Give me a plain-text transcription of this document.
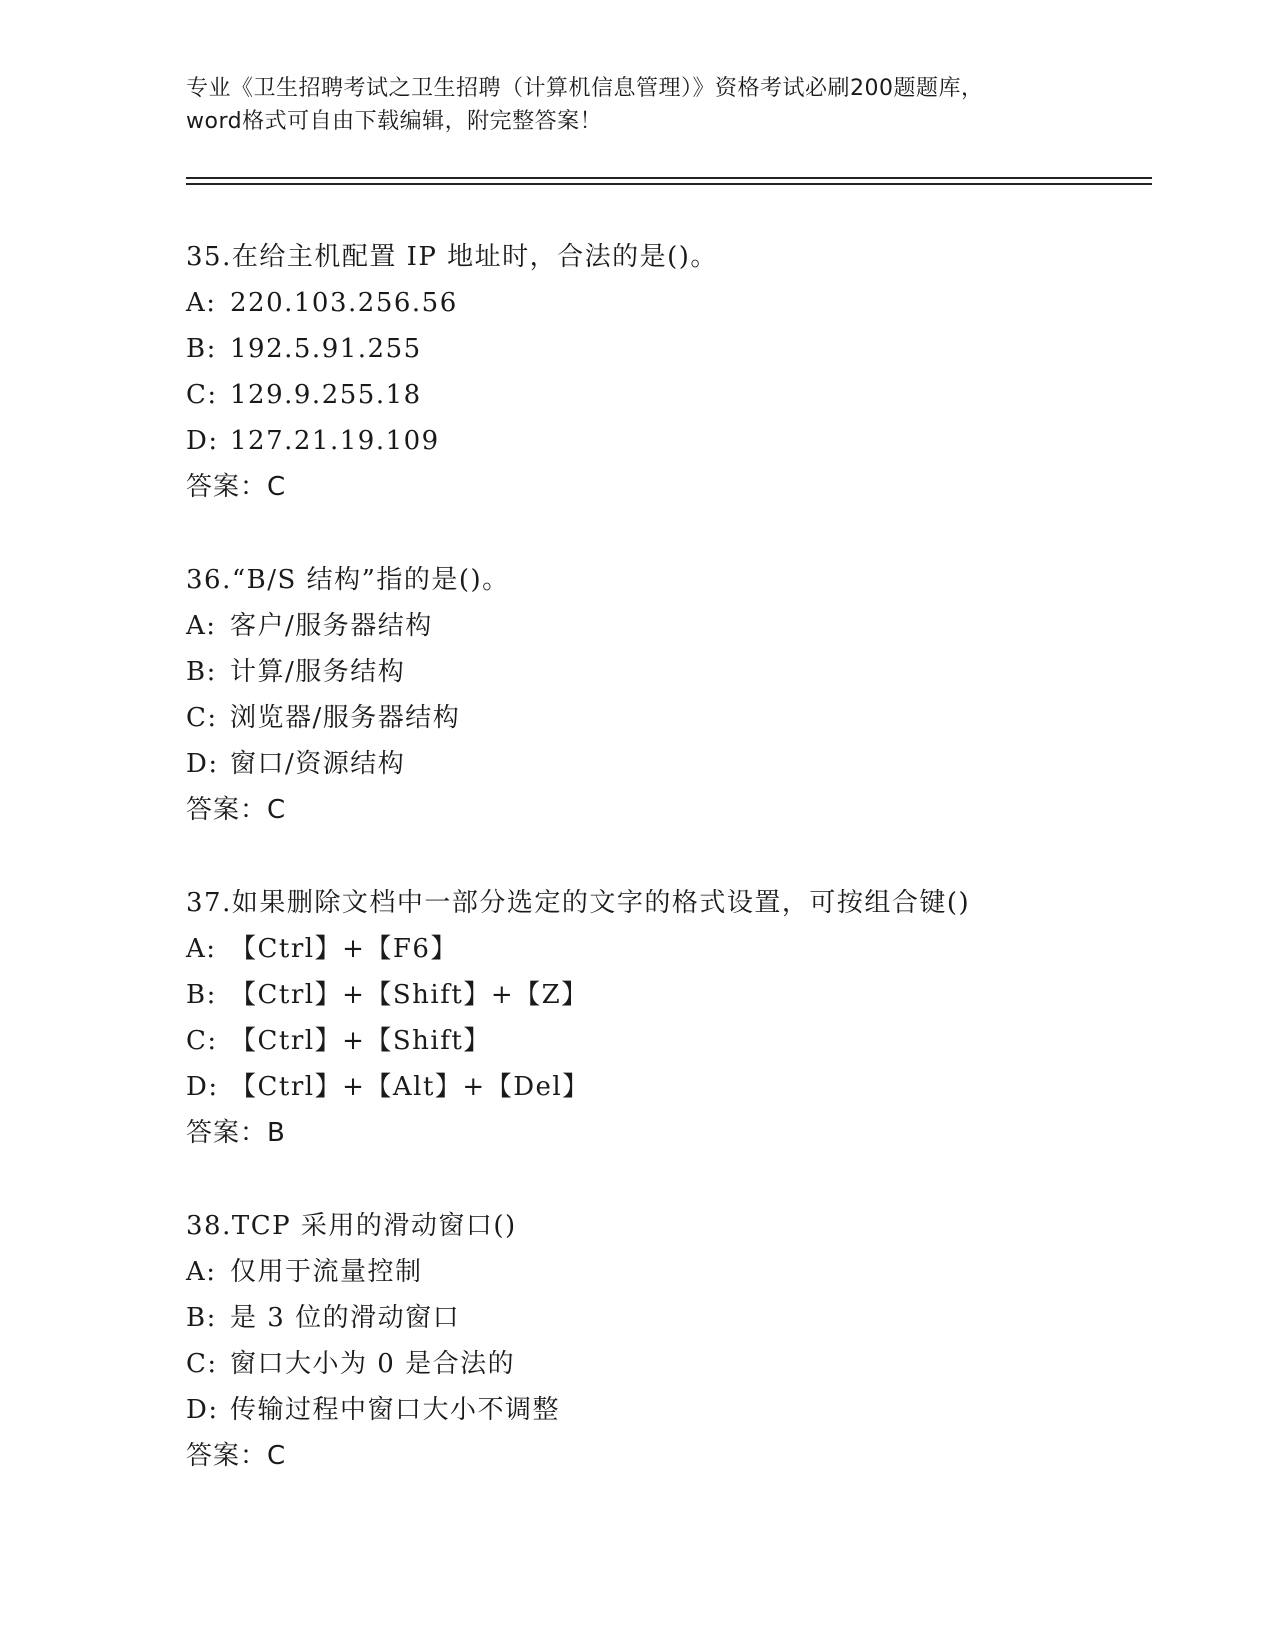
专业《卫生招聘考试之卫生招聘（计算机信息管理）》资格考试必刷200题题库，
word格式可自由下载编辑，附完整答案！
35.在给主机配置 IP 地址时，合法的是()。
A: 220.103.256.56
B: 192.5.91.255
C: 129.9.255.18
D: 127.21.19.109
答案：C
36.“B/S 结构”指的是()。
A: 客户/服务器结构
B: 计算/服务结构
C: 浏览器/服务器结构
D: 窗口/资源结构
答案：C
37.如果删除文档中一部分选定的文字的格式设置，可按组合键()
A: 【Ctrl】+【F6】
B: 【Ctrl】+【Shift】+【Z】
C: 【Ctrl】+【Shift】
D: 【Ctrl】+【Alt】+【Del】
答案：B
38.TCP 采用的滑动窗口()
A: 仅用于流量控制
B: 是 3 位的滑动窗口
C: 窗口大小为 0 是合法的
D: 传输过程中窗口大小不调整
答案：C
